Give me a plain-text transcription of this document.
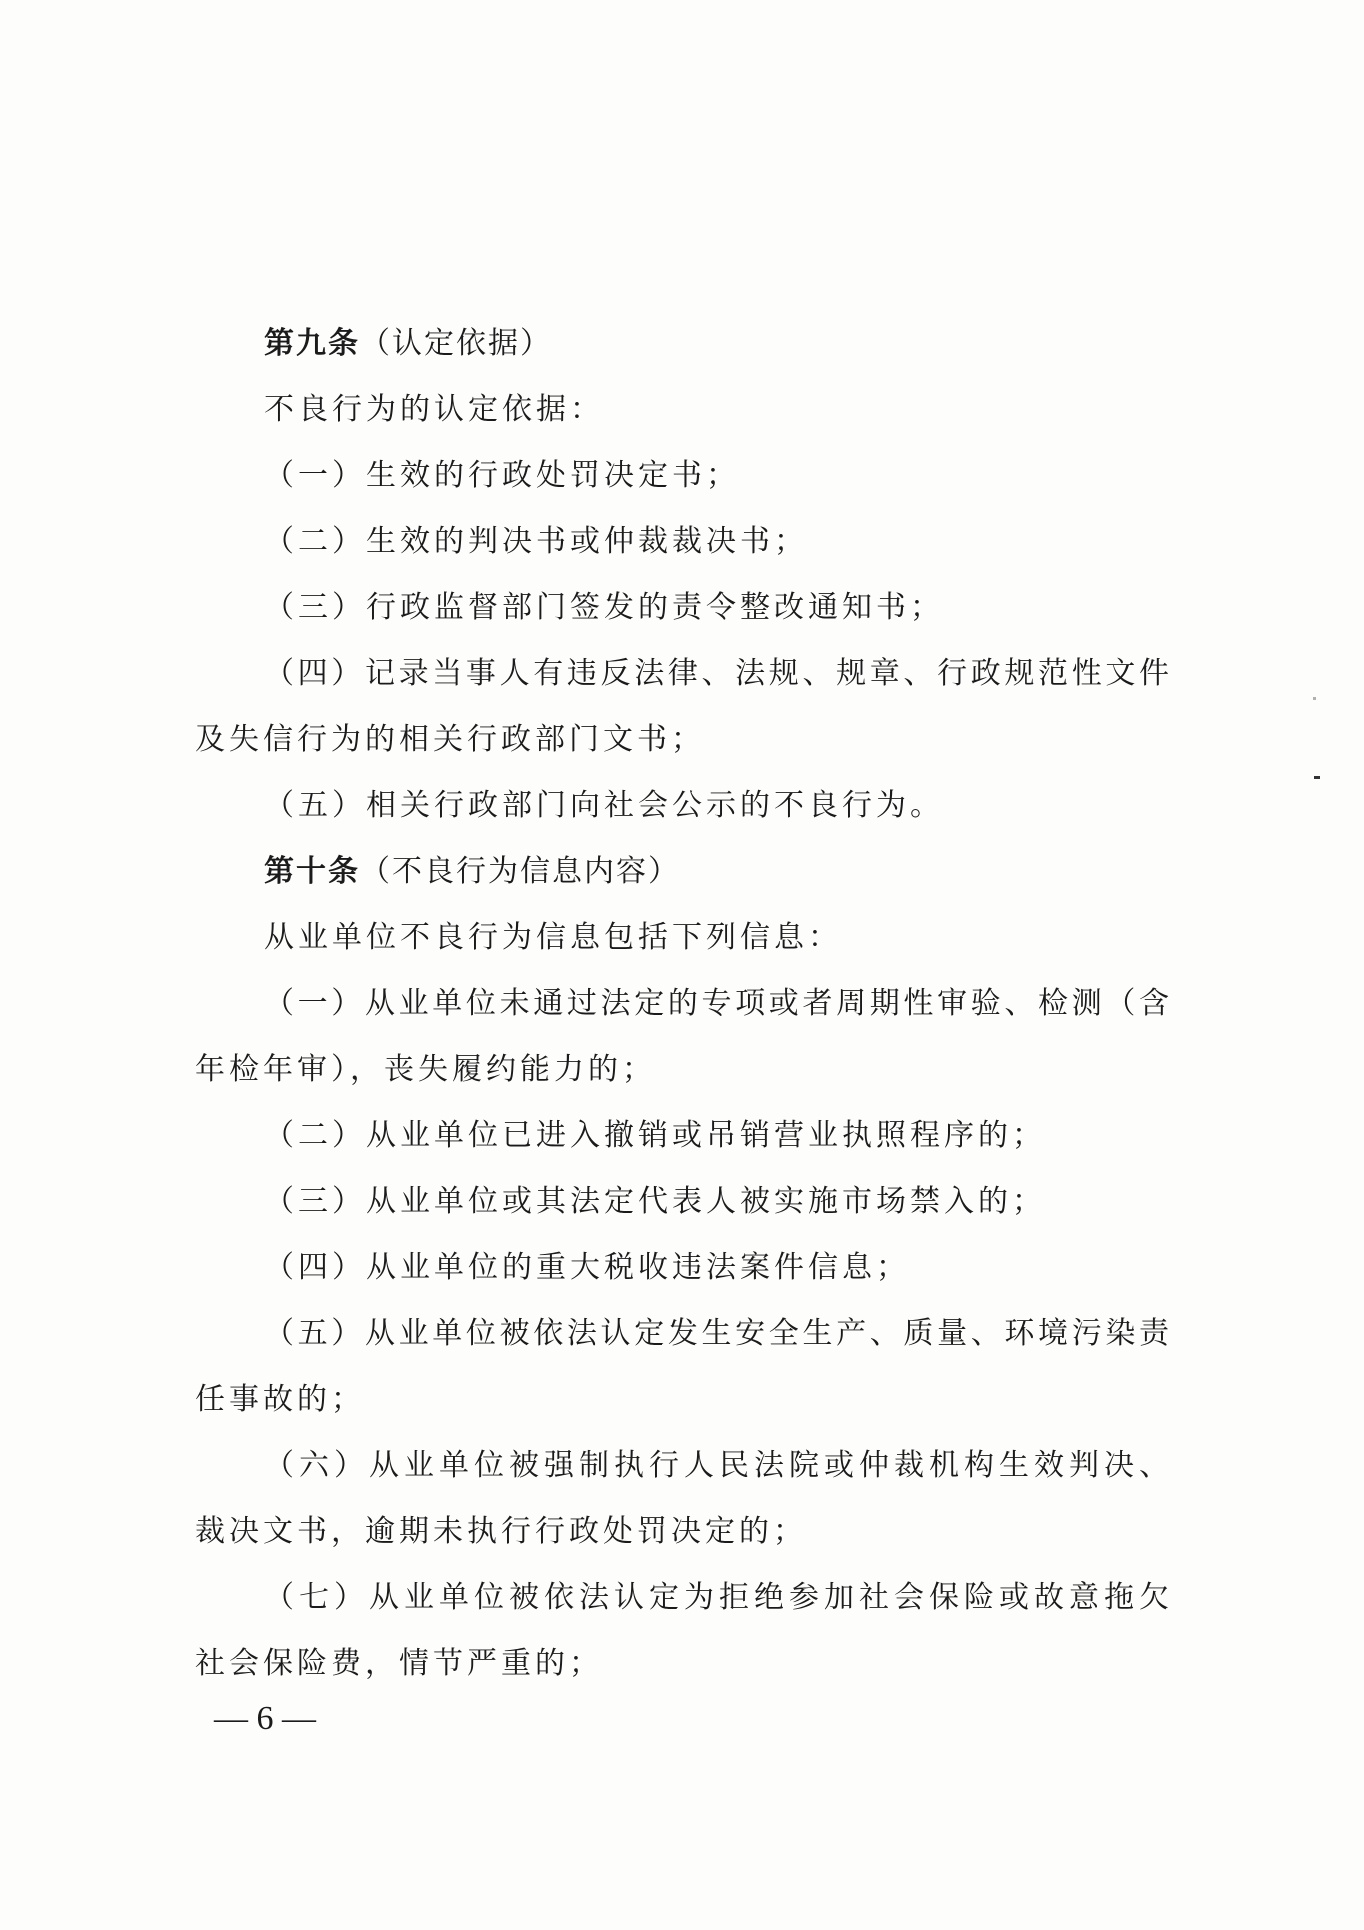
第九条（认定依据）
不良行为的认定依据：
（一）生效的行政处罚决定书；
（二）生效的判决书或仲裁裁决书；
（三）行政监督部门签发的责令整改通知书；
（四）记录当事人有违反法律、法规、规章、行政规范性文件
及失信行为的相关行政部门文书；
（五）相关行政部门向社会公示的不良行为。
第十条（不良行为信息内容）
从业单位不良行为信息包括下列信息：
（一）从业单位未通过法定的专项或者周期性审验、检测（含
年检年审），丧失履约能力的；
（二）从业单位已进入撤销或吊销营业执照程序的；
（三）从业单位或其法定代表人被实施市场禁入的；
（四）从业单位的重大税收违法案件信息；
（五）从业单位被依法认定发生安全生产、质量、环境污染责
任事故的；
（六）从业单位被强制执行人民法院或仲裁机构生效判决、
裁决文书，逾期未执行行政处罚决定的；
（七）从业单位被依法认定为拒绝参加社会保险或故意拖欠
社会保险费，情节严重的；
— 6 —
